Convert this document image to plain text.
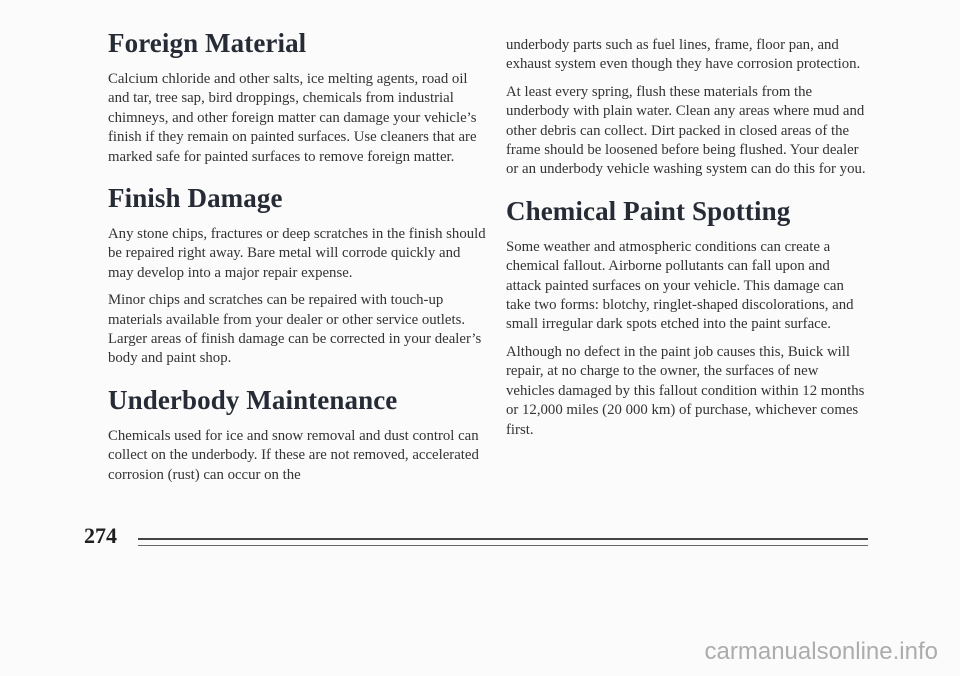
Foreign Material

Calcium chloride and other salts, ice melting agents, road oil and tar, tree sap, bird droppings, chemicals from industrial chimneys, and other foreign matter can damage your vehicle’s finish if they remain on painted surfaces. Use cleaners that are marked safe for painted surfaces to remove foreign matter.

Finish Damage

Any stone chips, fractures or deep scratches in the finish should be repaired right away. Bare metal will corrode quickly and may develop into a major repair expense.

Minor chips and scratches can be repaired with touch-up materials available from your dealer or other service outlets. Larger areas of finish damage can be corrected in your dealer’s body and paint shop.

Underbody Maintenance

Chemicals used for ice and snow removal and dust control can collect on the underbody. If these are not removed, accelerated corrosion (rust) can occur on the

underbody parts such as fuel lines, frame, floor pan, and exhaust system even though they have corrosion protection.

At least every spring, flush these materials from the underbody with plain water. Clean any areas where mud and other debris can collect. Dirt packed in closed areas of the frame should be loosened before being flushed. Your dealer or an underbody vehicle washing system can do this for you.

Chemical Paint Spotting

Some weather and atmospheric conditions can create a chemical fallout. Airborne pollutants can fall upon and attack painted surfaces on your vehicle. This damage can take two forms: blotchy, ringlet-shaped discolorations, and small irregular dark spots etched into the paint surface.

Although no defect in the paint job causes this, Buick will repair, at no charge to the owner, the surfaces of new vehicles damaged by this fallout condition within 12 months or 12,000 miles (20 000 km) of purchase, whichever comes first.

274
carmanualsonline.info
